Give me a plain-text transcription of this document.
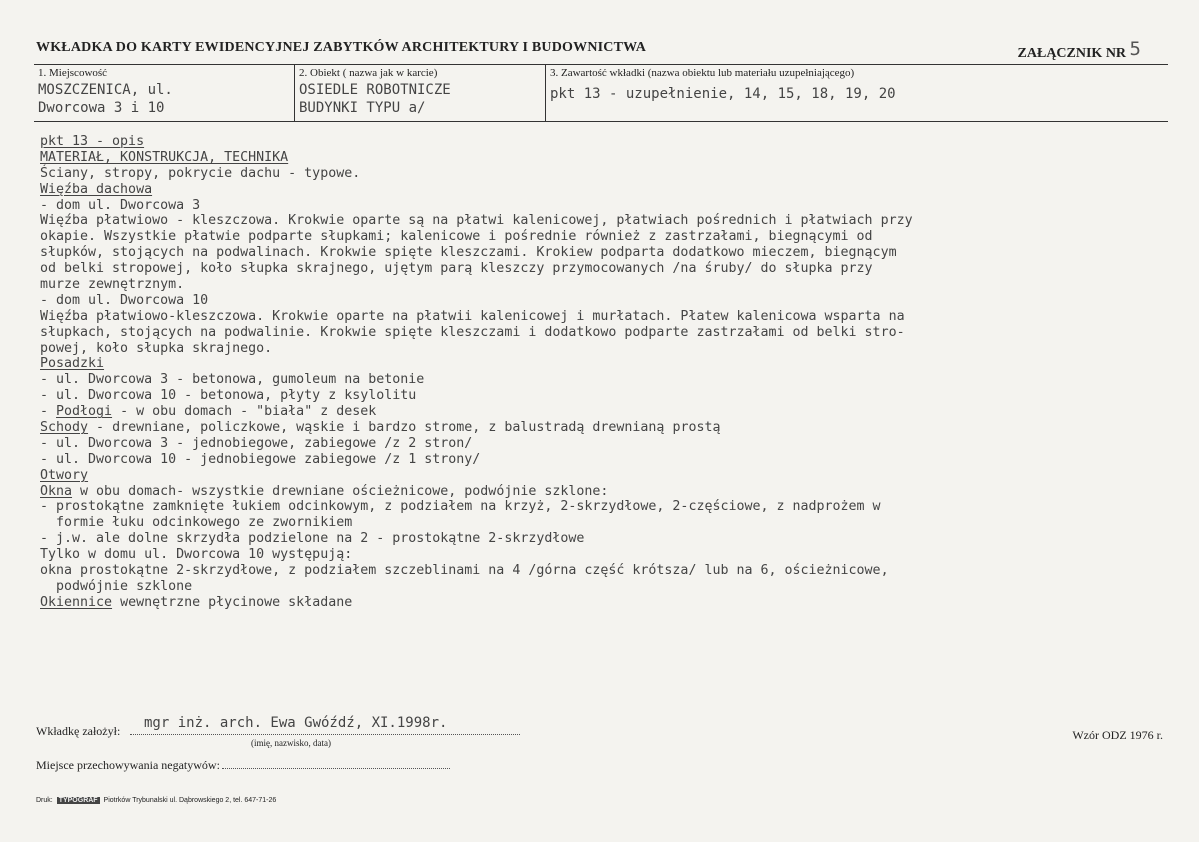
WKŁADKA DO KARTY EWIDENCYJNEJ ZABYTKÓW ARCHITEKTURY I BUDOWNICTWA	ZAŁĄCZNIK NR 5
1. Miejscowość
MOSZCZENICA, ul.
Dworcowa 3 i 10
2. Obiekt ( nazwa jak w karcie)
OSIEDLE ROBOTNICZE
BUDYNKI TYPU a/
3. Zawartość wkładki (nazwa obiektu lub materiału uzupełniającego)
pkt 13 - uzupełnienie, 14, 15, 18, 19, 20
pkt 13 - opis
MATERIAŁ, KONSTRUKCJA, TECHNIKA
Ściany, stropy, pokrycie dachu - typowe.
Więźba dachowa
- dom ul. Dworcowa 3
Więźba płatwiowo - kleszczowa. Krokwie oparte są na płatwi kalenicowej, płatwiach pośrednich i płatwiach przy
okapie. Wszystkie płatwie podparte słupkami; kalenicowe i pośrednie również z zastrzałami, biegnącymi od
słupków, stojących na podwalinach. Krokwie spięte kleszczami. Krokiew podparta dodatkowo mieczem, biegnącym
od belki stropowej, koło słupka skrajnego, ujętym parą kleszczy przymocowanych /na śruby/ do słupka przy
murze zewnętrznym.
- dom ul. Dworcowa 10
Więźba płatwiowo-kleszczowa. Krokwie oparte na płatwii kalenicowej i murłatach. Płatew kalenicowa wsparta na
słupkach, stojących na podwalinie. Krokwie spięte kleszczami i dodatkowo podparte zastrzałami od belki stro-
powej, koło słupka skrajnego.
Posadzki
- ul. Dworcowa 3 - betonowa, gumoleum na betonie
- ul. Dworcowa 10 - betonowa, płyty z ksylolitu
- Podłogi - w obu domach - "biała" z desek
Schody - drewniane, policzkowe, wąskie i bardzo strome, z balustradą drewnianą prostą
- ul. Dworcowa 3 - jednobiegowe, zabiegowe /z 2 stron/
- ul. Dworcowa 10 - jednobiegowe zabiegowe /z 1 strony/
Otwory
Okna w obu domach- wszystkie drewniane ościeżnicowe, podwójnie szklone:
- prostokątne zamknięte łukiem odcinkowym, z podziałem na krzyż, 2-skrzydłowe, 2-częściowe, z nadprożem w
formie łuku odcinkowego ze zwornikiem
- j.w. ale dolne skrzydła podzielone na 2 - prostokątne 2-skrzydłowe
Tylko w domu ul. Dworcowa 10 występują:
okna prostokątne 2-skrzydłowe, z podziałem szczeblinami na 4 /górna część krótsza/ lub na 6, ościeżnicowe,
podwójnie szklone
Okiennice wewnętrzne płycinowe składane
Wkładkę założył: mgr inż. arch. Ewa Gwóźdź, XI.1998r.
(imię, nazwisko, data)
Wzór ODZ 1976 r.
Miejsce przechowywania negatywów:
Druk: TYPOGRAF Piotrków Trybunalski ul. Dąbrowskiego 2, tel. 647-71-26
